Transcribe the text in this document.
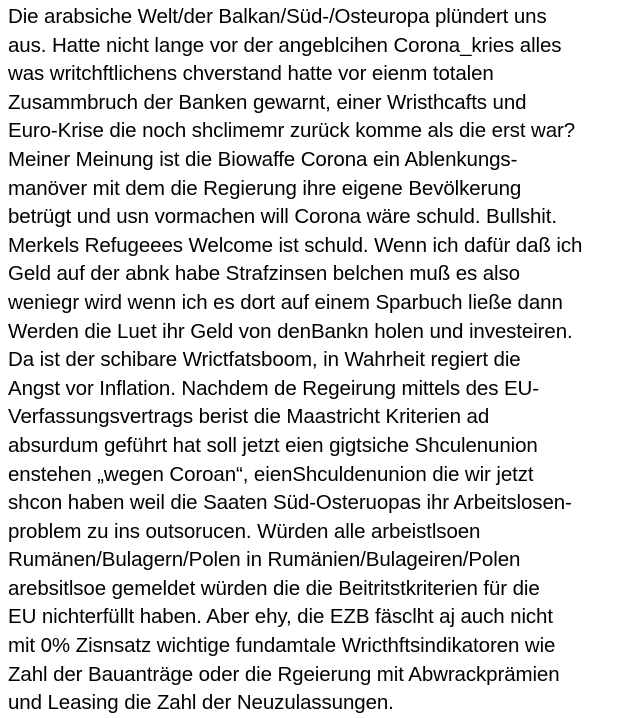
Die arabsiche Welt/der Balkan/Süd-/Osteuropa plündert uns
aus. Hatte nicht lange vor der angeblcihen Corona_kries alles
was writchftlichens chverstand hatte vor eienm totalen
Zusammbruch der Banken gewarnt, einer Wristhcafts und
Euro-Krise die noch shclimemr zurück komme als die erst war?
Meiner Meinung ist die Biowaffe Corona ein Ablenkungs-
manöver mit dem die Regierung ihre eigene Bevölkerung
betrügt und usn vormachen will Corona wäre schuld. Bullshit.
Merkels Refugeees Welcome ist schuld. Wenn ich dafür daß ich
Geld auf der abnk habe Strafzinsen belchen muß es also
weniegr wird wenn ich es dort auf einem Sparbuch ließe dann
Werden die Luet ihr Geld von denBankn holen und investeiren.
Da ist der schibare Wrictfatsboom, in Wahrheit regiert die
Angst vor Inflation. Nachdem de Regeirung mittels des EU-
Verfassungsvertrags berist die Maastricht Kriterien ad
absurdum geführt hat soll jetzt eien gigtsiche Shculenunion
enstehen „wegen Coroan“, eienShculdenunion die wir jetzt
shcon haben weil die Saaten Süd-Osteruopas ihr Arbeitslosen-
problem zu ins outsorucen. Würden alle arbeistlsoen
Rumänen/Bulagern/Polen in Rumänien/Bulageiren/Polen
arebsitlsoe gemeldet würden die die Beitritstkriterien für die
EU nichterfüllt haben. Aber ehy, die EZB fäsclht aj auch nicht
mit 0% Zisnsatz wichtige fundamtale Wricthftsindikatoren wie
Zahl der Bauanträge oder die Rgeierung mit Abwrackprämien
und Leasing die Zahl der Neuzulassungen.
